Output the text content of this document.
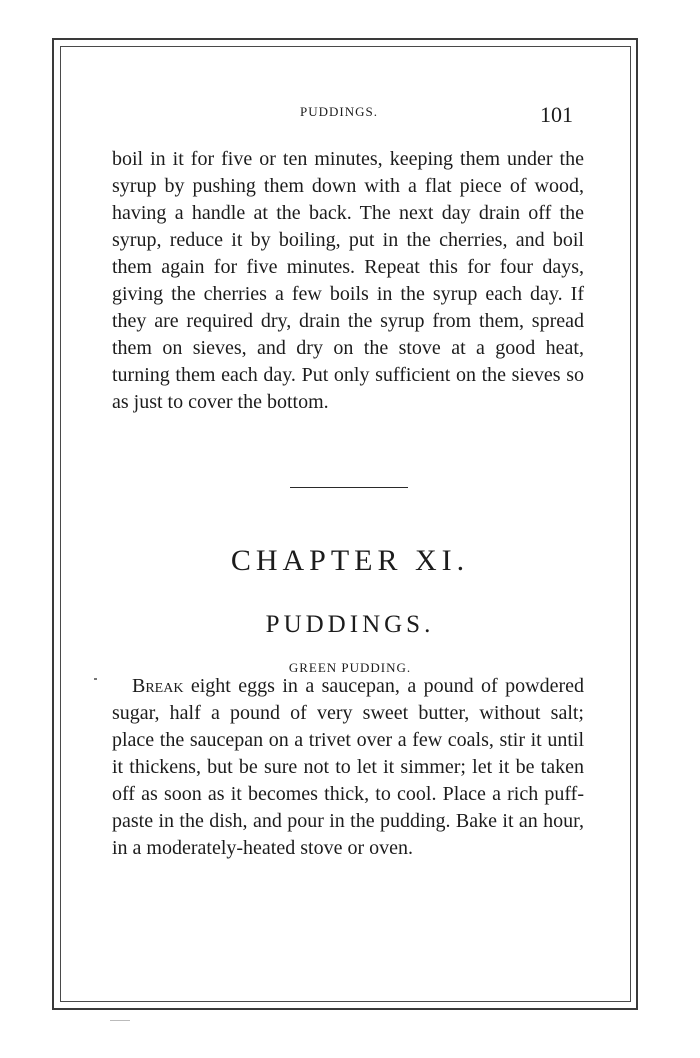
PUDDINGS.	101

boil in it for five or ten minutes, keeping them under the syrup by pushing them down with a flat piece of wood, having a handle at the back. The next day drain off the syrup, reduce it by boiling, put in the cherries, and boil them again for five minutes. Repeat this for four days, giving the cherries a few boils in the syrup each day. If they are required dry, drain the syrup from them, spread them on sieves, and dry on the stove at a good heat, turning them each day. Put only sufficient on the sieves so as just to cover the bottom.

CHAPTER XI.
PUDDINGS.
GREEN PUDDING.

Break eight eggs in a saucepan, a pound of powdered sugar, half a pound of very sweet butter, without salt; place the saucepan on a trivet over a few coals, stir it until it thickens, but be sure not to let it simmer; let it be taken off as soon as it becomes thick, to cool. Place a rich puff-paste in the dish, and pour in the pudding. Bake it an hour, in a moderately-heated stove or oven.
